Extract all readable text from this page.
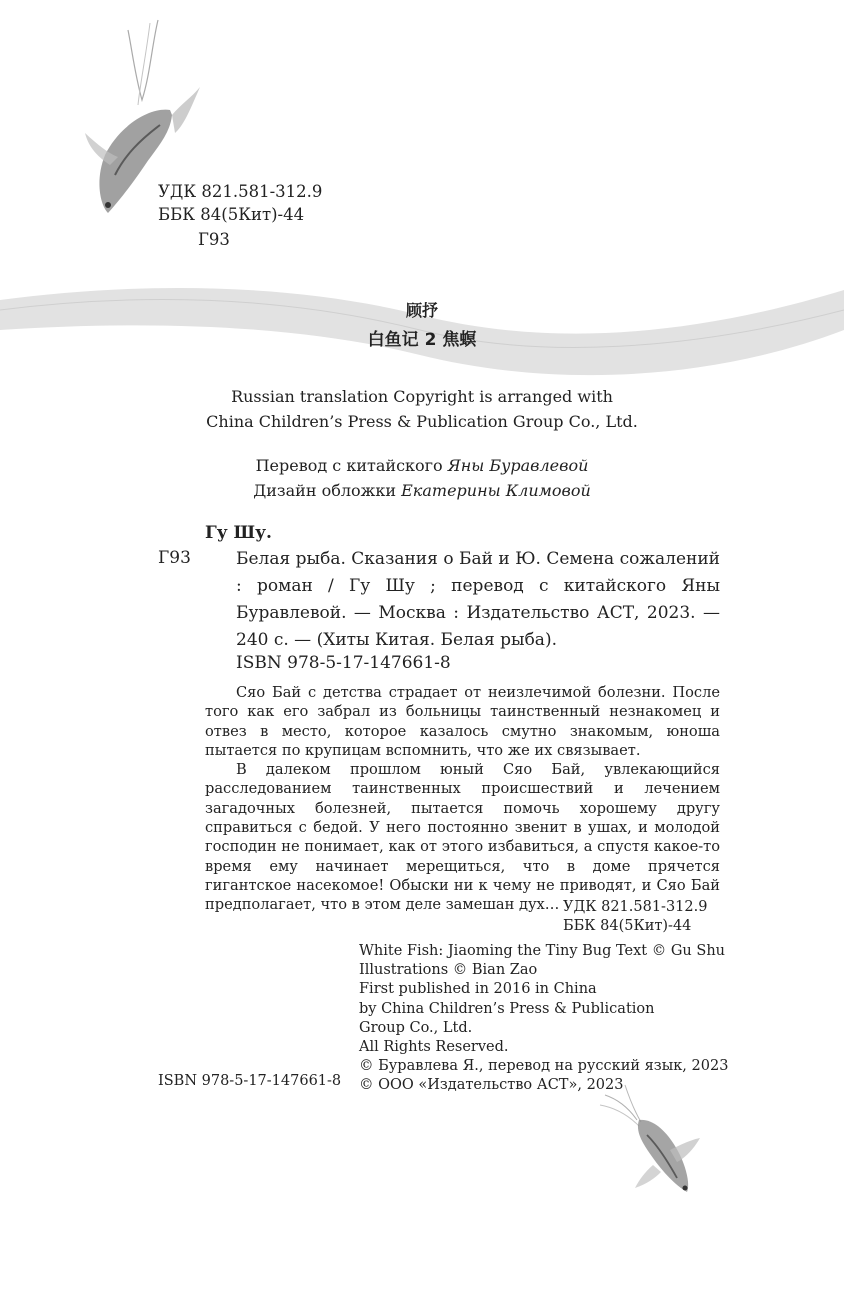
УДК 821.581-312.9
ББК 84(5Кит)-44
Г93
顾抒
白鱼记 2 焦螟
Russian translation Copyright is arranged with
China Children’s Press & Publication Group Co., Ltd.
Перевод с китайского Яны Буравлевой
Дизайн обложки Екатерины Климовой
Гу Шу.
Г93	Белая рыба. Сказания о Бай и Ю. Семена сожалений : роман / Гу Шу ; перевод с китайского Яны Буравлевой. — Москва : Издательство АСТ, 2023. — 240 с. — (Хиты Китая. Белая рыба).
ISBN 978-5-17-147661-8

Сяо Бай с детства страдает от неизлечимой болезни. После того как его забрал из больницы таинственный незнакомец и отвез в место, которое казалось смутно знакомым, юноша пытается по крупицам вспомнить, что же их связывает.

В далеком прошлом юный Сяо Бай, увлекающийся расследованием таинственных происшествий и лечением загадочных болезней, пытается помочь хорошему другу справиться с бедой. У него постоянно звенит в ушах, и молодой господин не понимает, как от этого избавиться, а спустя какое-то время ему начинает мерещиться, что в доме прячется гигантское насекомое! Обыски ни к чему не приводят, и Сяо Бай предполагает, что в этом деле замешан дух… УДК 821.581-312.9
ББК 84(5Кит)-44
White Fish: Jiaoming the Tiny Bug Text © Gu Shu
Illustrations © Bian Zao
First published in 2016 in China
by China Children’s Press & Publication
Group Co., Ltd.
All Rights Reserved.
© Буравлева Я., перевод на русский язык, 2023
© ООО «Издательство АСТ», 2023
ISBN 978-5-17-147661-8
